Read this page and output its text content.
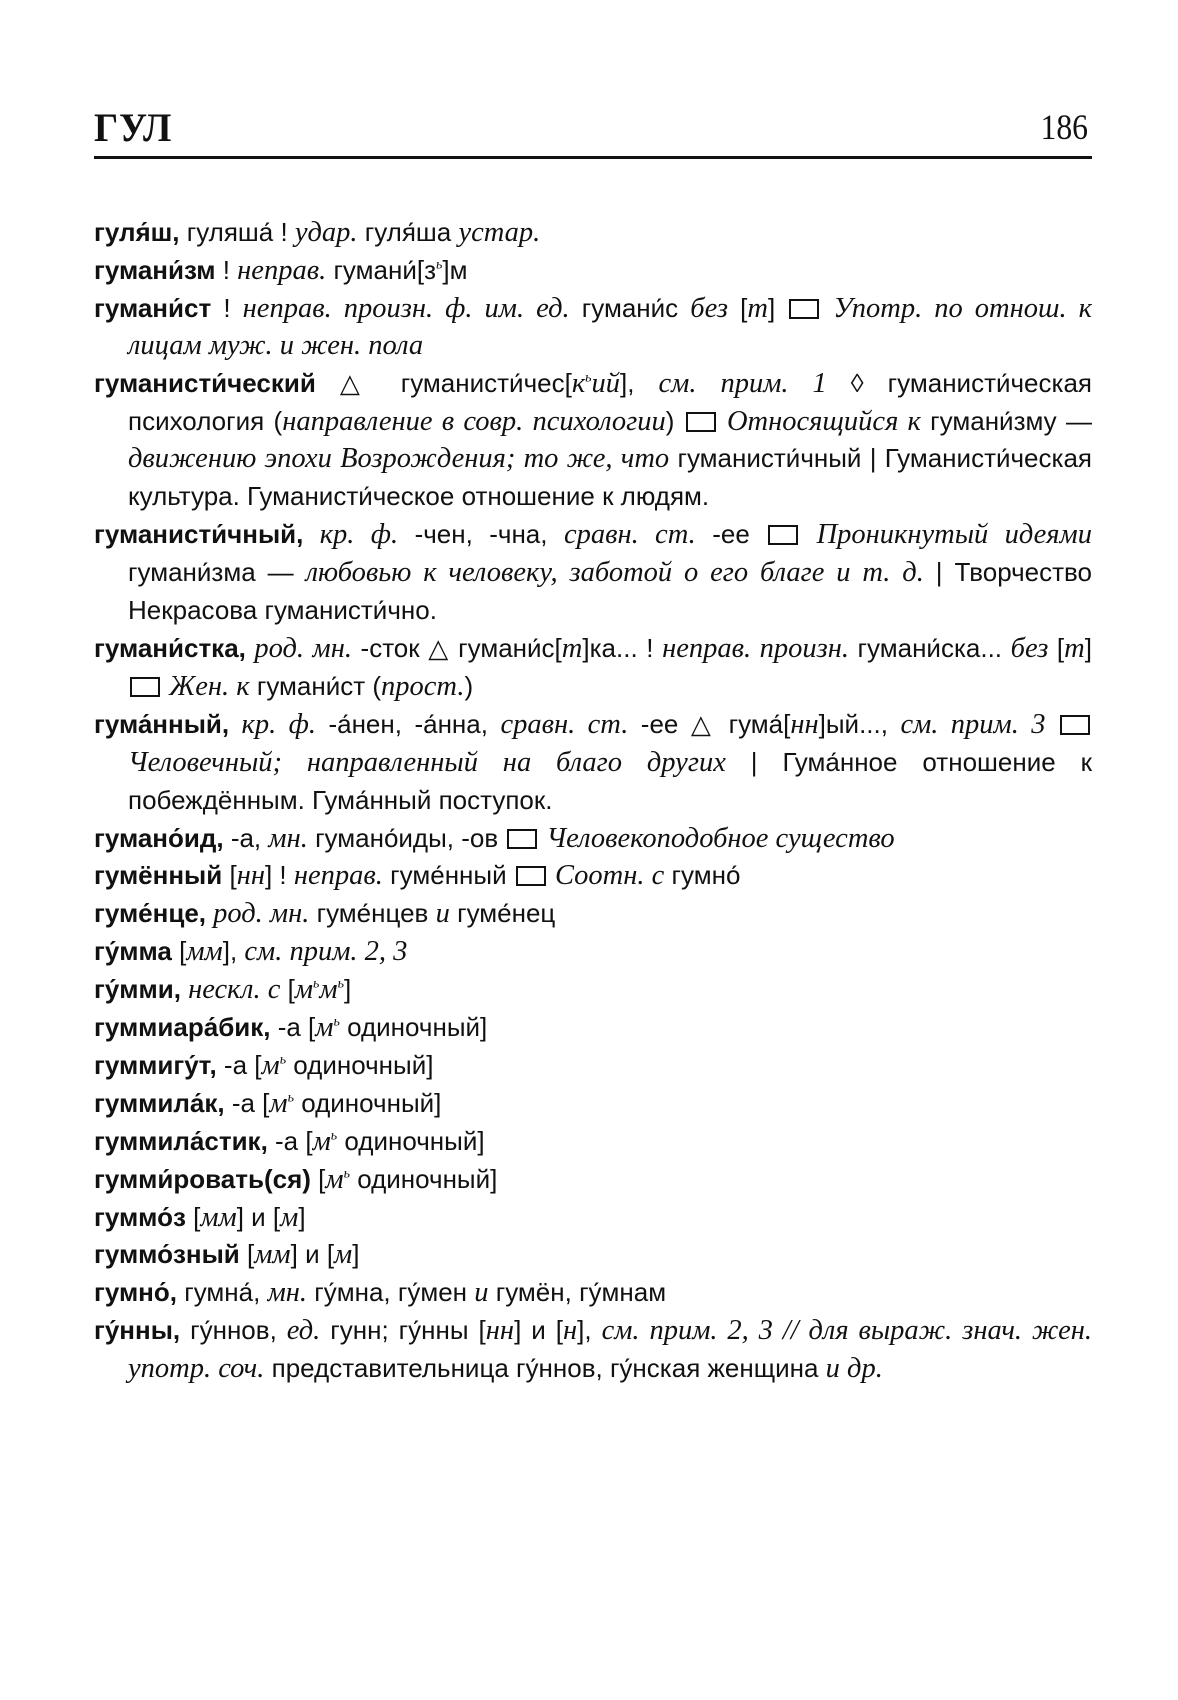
ГУЛ	186

гуля́ш, гуляша́ ! удар. гуля́ша устар.

гумани́зм ! неправ. $гумани́[з^ь]м$

гумани́ст ! неправ. произн. ф. им. ед. гумани́с без [т]  Употр. по отнош. к лицам муж. и жен. пола

гуманисти́ческий △ $гуманисти́чес[к^ьий]$, см. прим. 1 ◊ гуманисти́ческая психология (направление в совр. психологии)  Относящийся к гумани́зму — движению эпохи Возрождения; то же, что гуманисти́чный | Гуманисти́ческая культура. Гуманисти́ческое отношение к людям.

гуманисти́чный, кр. ф. -чен, -чна, сравн. ст. -ее  Проникнутый идеями гумани́зма — любовью к человеку, заботой о его благе и т. д. | Творчество Некрасова гуманисти́чно.

гумани́стка, род. мн. -сток △ гумани́с[т]ка... ! неправ. произн. гумани́ска... без [т]  Жен. к гумани́ст (прост.)

гума́нный, кр. ф. -а́нен, -а́нна, сравн. ст. -ее △ гума́[нн]ый..., см. прим. 3  Человечный; направленный на благо других | Гума́нное отношение к побеждённым. Гума́нный поступок.

гумано́ид, -а, мн. гумано́иды, -ов  Человекоподобное существо

гумённый [нн] ! неправ. гуме́нный  Соотн. с гумно́

гуме́нце, род. мн. гуме́нцев и гуме́нец

гу́мма [мм], см. прим. 2, 3

гу́мми, нескл. с $[м^ьм^ь]$

гуммиара́бик, -а [$м^ь$ одиночный]

гуммигу́т, -а [$м^ь$ одиночный]

гуммила́к, -а [$м^ь$ одиночный]

гуммила́стик, -а [$м^ь$ одиночный]

гумми́ровать(ся) [$м^ь$ одиночный]

гуммо́з [мм] и [м]

гуммо́зный [мм] и [м]

гумно́, гумна́, мн. гу́мна, гу́мен и гумён, гу́мнам

гу́нны, гу́ннов, ед. гунн; гу́нны [нн] и [н], см. прим. 2, 3 // для выраж. знач. жен. употр. соч. представительница гу́ннов, гу́нская женщина и др.
